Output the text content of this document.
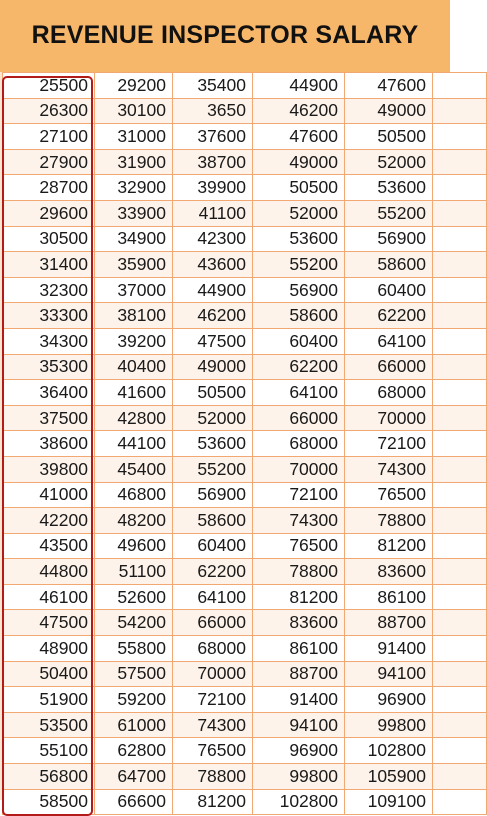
REVENUE INSPECTOR SALARY
25500	29200	35400	44900	47600	
26300	30100	3650	46200	49000	
27100	31000	37600	47600	50500	
27900	31900	38700	49000	52000	
28700	32900	39900	50500	53600	
29600	33900	41100	52000	55200	
30500	34900	42300	53600	56900	
31400	35900	43600	55200	58600	
32300	37000	44900	56900	60400	
33300	38100	46200	58600	62200	
34300	39200	47500	60400	64100	
35300	40400	49000	62200	66000	
36400	41600	50500	64100	68000	
37500	42800	52000	66000	70000	
38600	44100	53600	68000	72100	
39800	45400	55200	70000	74300	
41000	46800	56900	72100	76500	
42200	48200	58600	74300	78800	
43500	49600	60400	76500	81200	
44800	51100	62200	78800	83600	
46100	52600	64100	81200	86100	
47500	54200	66000	83600	88700	
48900	55800	68000	86100	91400	
50400	57500	70000	88700	94100	
51900	59200	72100	91400	96900	
53500	61000	74300	94100	99800	
55100	62800	76500	96900	102800	
56800	64700	78800	99800	105900	
58500	66600	81200	102800	109100	
